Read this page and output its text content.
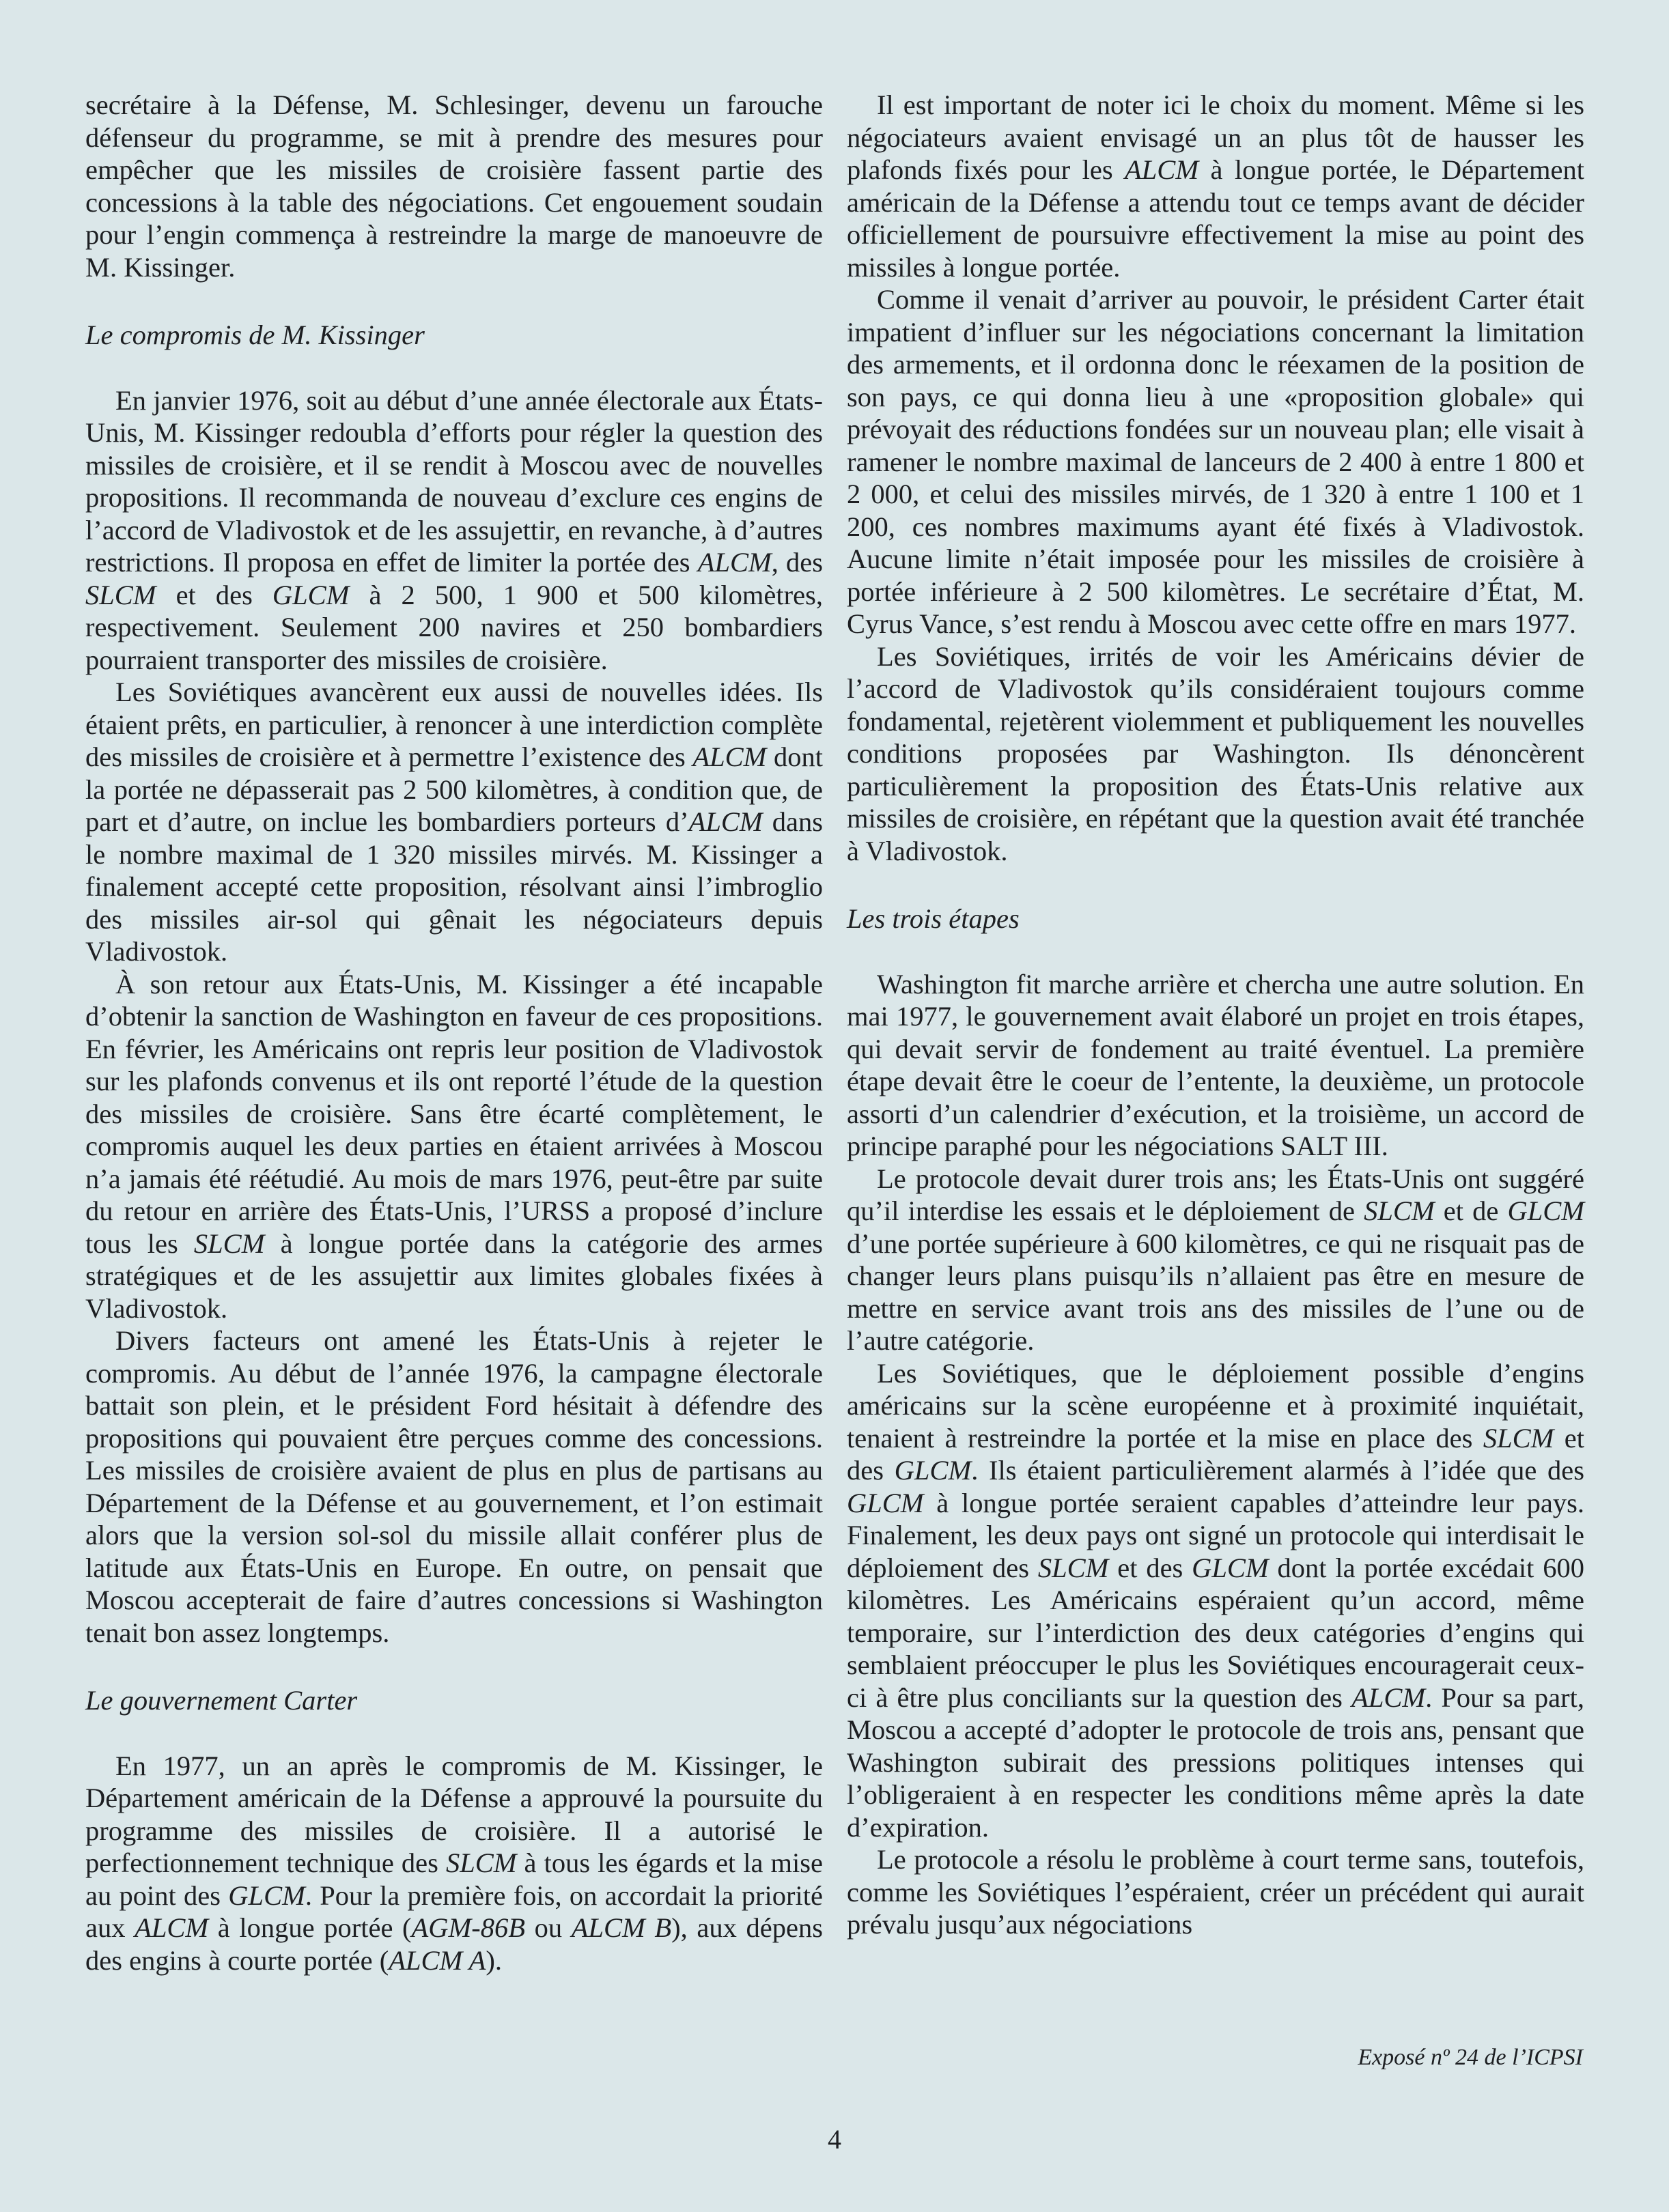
secrétaire à la Défense, M. Schlesinger, devenu un farouche défenseur du programme, se mit à prendre des mesures pour empêcher que les missiles de croisière fassent partie des concessions à la table des négociations. Cet engouement soudain pour l’engin commença à restreindre la marge de manoeuvre de M. Kissinger.

Le compromis de M. Kissinger

En janvier 1976, soit au début d’une année électorale aux États-Unis, M. Kissinger redoubla d’efforts pour régler la question des missiles de croisière, et il se rendit à Moscou avec de nouvelles propositions. Il recommanda de nouveau d’exclure ces engins de l’accord de Vladivostok et de les assujettir, en revanche, à d’autres restrictions. Il proposa en effet de limiter la portée des ALCM, des SLCM et des GLCM à 2 500, 1 900 et 500 kilomètres, respectivement. Seulement 200 navires et 250 bombardiers pourraient transporter des missiles de croisière.

Les Soviétiques avancèrent eux aussi de nouvelles idées. Ils étaient prêts, en particulier, à renoncer à une interdiction complète des missiles de croisière et à permettre l’existence des ALCM dont la portée ne dépasserait pas 2 500 kilomètres, à condition que, de part et d’autre, on inclue les bombardiers porteurs d’ALCM dans le nombre maximal de 1 320 missiles mirvés. M. Kissinger a finalement accepté cette proposition, résolvant ainsi l’imbroglio des missiles air-sol qui gênait les négociateurs depuis Vladivostok.

À son retour aux États-Unis, M. Kissinger a été incapable d’obtenir la sanction de Washington en faveur de ces propositions. En février, les Américains ont repris leur position de Vladivostok sur les plafonds convenus et ils ont reporté l’étude de la question des missiles de croisière. Sans être écarté complètement, le compromis auquel les deux parties en étaient arrivées à Moscou n’a jamais été réétudié. Au mois de mars 1976, peut-être par suite du retour en arrière des États-Unis, l’URSS a proposé d’inclure tous les SLCM à longue portée dans la catégorie des armes stratégiques et de les assujettir aux limites globales fixées à Vladivostok.

Divers facteurs ont amené les États-Unis à rejeter le compromis. Au début de l’année 1976, la campagne électorale battait son plein, et le président Ford hésitait à défendre des propositions qui pouvaient être perçues comme des concessions. Les missiles de croisière avaient de plus en plus de partisans au Département de la Défense et au gouvernement, et l’on estimait alors que la version sol-sol du missile allait conférer plus de latitude aux États-Unis en Europe. En outre, on pensait que Moscou accepterait de faire d’autres concessions si Washington tenait bon assez longtemps.

Le gouvernement Carter

En 1977, un an après le compromis de M. Kissinger, le Département américain de la Défense a approuvé la poursuite du programme des missiles de croisière. Il a autorisé le perfectionnement technique des SLCM à tous les égards et la mise au point des GLCM. Pour la première fois, on accordait la priorité aux ALCM à longue portée (AGM-86B ou ALCM B), aux dépens des engins à courte portée (ALCM A).

Il est important de noter ici le choix du moment. Même si les négociateurs avaient envisagé un an plus tôt de hausser les plafonds fixés pour les ALCM à longue portée, le Département américain de la Défense a attendu tout ce temps avant de décider officiellement de poursuivre effectivement la mise au point des missiles à longue portée.

Comme il venait d’arriver au pouvoir, le président Carter était impatient d’influer sur les négociations concernant la limitation des armements, et il ordonna donc le réexamen de la position de son pays, ce qui donna lieu à une «proposition globale» qui prévoyait des réductions fondées sur un nouveau plan; elle visait à ramener le nombre maximal de lanceurs de 2 400 à entre 1 800 et 2 000, et celui des missiles mirvés, de 1 320 à entre 1 100 et 1 200, ces nombres maximums ayant été fixés à Vladivostok. Aucune limite n’était imposée pour les missiles de croisière à portée inférieure à 2 500 kilomètres. Le secrétaire d’État, M. Cyrus Vance, s’est rendu à Moscou avec cette offre en mars 1977.

Les Soviétiques, irrités de voir les Américains dévier de l’accord de Vladivostok qu’ils considéraient toujours comme fondamental, rejetèrent violemment et publiquement les nouvelles conditions proposées par Washington. Ils dénoncèrent particulièrement la proposition des États-Unis relative aux missiles de croisière, en répétant que la question avait été tranchée à Vladivostok.

Les trois étapes

Washington fit marche arrière et chercha une autre solution. En mai 1977, le gouvernement avait élaboré un projet en trois étapes, qui devait servir de fondement au traité éventuel. La première étape devait être le coeur de l’entente, la deuxième, un protocole assorti d’un calendrier d’exécution, et la troisième, un accord de principe paraphé pour les négociations SALT III.

Le protocole devait durer trois ans; les États-Unis ont suggéré qu’il interdise les essais et le déploiement de SLCM et de GLCM d’une portée supérieure à 600 kilomètres, ce qui ne risquait pas de changer leurs plans puisqu’ils n’allaient pas être en mesure de mettre en service avant trois ans des missiles de l’une ou de l’autre catégorie.

Les Soviétiques, que le déploiement possible d’engins américains sur la scène européenne et à proximité inquiétait, tenaient à restreindre la portée et la mise en place des SLCM et des GLCM. Ils étaient particulièrement alarmés à l’idée que des GLCM à longue portée seraient capables d’atteindre leur pays. Finalement, les deux pays ont signé un protocole qui interdisait le déploiement des SLCM et des GLCM dont la portée excédait 600 kilomètres. Les Américains espéraient qu’un accord, même temporaire, sur l’interdiction des deux catégories d’engins qui semblaient préoccuper le plus les Soviétiques encouragerait ceux-ci à être plus conciliants sur la question des ALCM. Pour sa part, Moscou a accepté d’adopter le protocole de trois ans, pensant que Washington subirait des pressions politiques intenses qui l’obligeraient à en respecter les conditions même après la date d’expiration.

Le protocole a résolu le problème à court terme sans, toutefois, comme les Soviétiques l’espéraient, créer un précédent qui aurait prévalu jusqu’aux négociations

Exposé nº 24 de l’ICPSI
4
